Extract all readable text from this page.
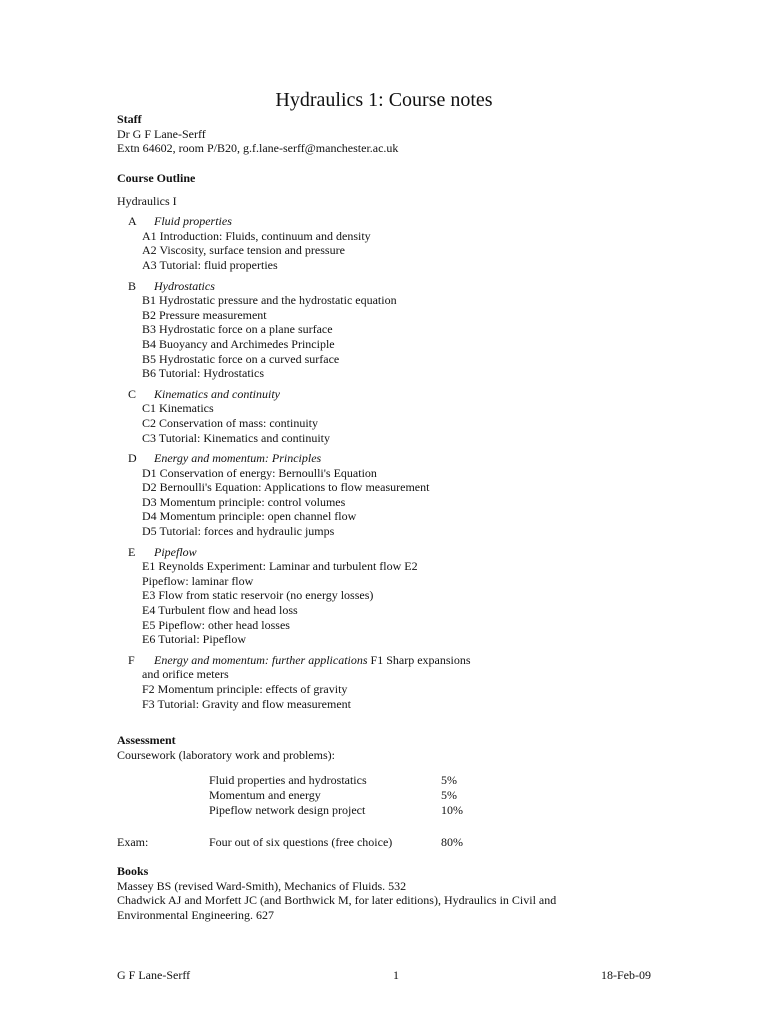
Hydraulics 1: Course notes
Staff
Dr G F Lane-Serff
Extn 64602, room P/B20, g.f.lane-serff@manchester.ac.uk
Course Outline
Hydraulics I
A Fluid properties
A1 Introduction: Fluids, continuum and density
A2 Viscosity, surface tension and pressure
A3 Tutorial: fluid properties
B Hydrostatics
B1 Hydrostatic pressure and the hydrostatic equation
B2 Pressure measurement
B3 Hydrostatic force on a plane surface
B4 Buoyancy and Archimedes Principle
B5 Hydrostatic force on a curved surface
B6 Tutorial: Hydrostatics
C Kinematics and continuity
C1 Kinematics
C2 Conservation of mass: continuity
C3 Tutorial: Kinematics and continuity
D Energy and momentum: Principles
D1 Conservation of energy: Bernoulli's Equation
D2 Bernoulli's Equation: Applications to flow measurement
D3 Momentum principle: control volumes
D4 Momentum principle: open channel flow
D5 Tutorial: forces and hydraulic jumps
E Pipeflow
E1 Reynolds Experiment: Laminar and turbulent flow E2
Pipeflow: laminar flow
E3 Flow from static reservoir (no energy losses)
E4 Turbulent flow and head loss
E5 Pipeflow: other head losses
E6 Tutorial: Pipeflow
F Energy and momentum: further applications F1 Sharp expansions
and orifice meters
F2 Momentum principle: effects of gravity
F3 Tutorial: Gravity and flow measurement
Assessment
Coursework (laboratory work and problems):
Fluid properties and hydrostatics	5%
Momentum and energy	5%
Pipeflow network design project	10%
Exam:	Four out of six questions (free choice)	80%
Books
Massey BS (revised Ward-Smith), Mechanics of Fluids. 532
Chadwick AJ and Morfett JC (and Borthwick M, for later editions), Hydraulics in Civil and
Environmental Engineering. 627
G F Lane-Serff	1	18-Feb-09
